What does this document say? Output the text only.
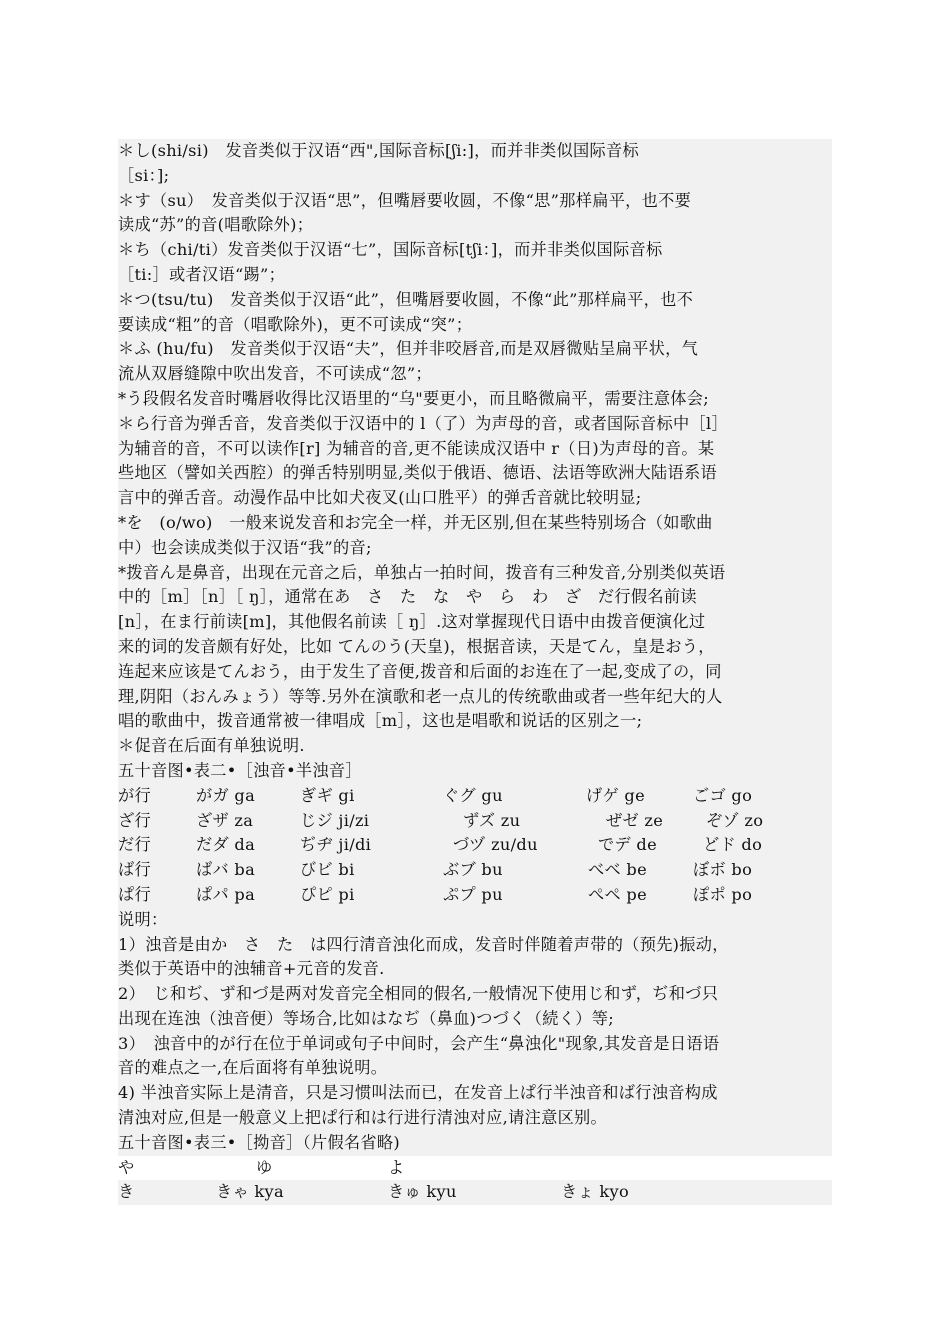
＊し(shi/si)　发音类似于汉语“西",国际音标[ʃi:]，而并非类似国际音标
［si：];
＊す（su）　发音类似于汉语“思”，但嘴唇要收圆，不像“思”那样扁平，也不要
读成“苏”的音(唱歌除外)；
＊ち（chi/ti）发音类似于汉语“七”，国际音标[tʃi：]，而并非类似国际音标
［ti:］或者汉语“踢”；
＊つ(tsu/tu)　发音类似于汉语“此”，但嘴唇要收圆，不像“此”那样扁平，也不
要读成“粗”的音（唱歌除外)，更不可读成“突”；
＊ふ (hu/fu)　发音类似于汉语“夫”，但并非咬唇音,而是双唇微贴呈扁平状，气
流从双唇缝隙中吹出发音，不可读成“忽”；
*う段假名发音时嘴唇收得比汉语里的“乌"要更小，而且略微扁平，需要注意体会;
＊ら行音为弹舌音，发音类似于汉语中的 l（了）为声母的音，或者国际音标中［l］
为辅音的音，不可以读作[r] 为辅音的音,更不能读成汉语中 r（日)为声母的音。某
些地区（譬如关西腔）的弹舌特别明显,类似于俄语、德语、法语等欧洲大陆语系语
言中的弹舌音。动漫作品中比如犬夜叉(山口胜平）的弹舌音就比较明显;
*を　(o/wo)　一般来说发音和お完全一样，并无区别,但在某些特别场合（如歌曲
中）也会读成类似于汉语“我”的音;
*拨音ん是鼻音，出现在元音之后，单独占一拍时间，拨音有三种发音,分别类似英语
中的［m］［n］［ ŋ］，通常在あ　さ　た　な　や　ら　わ　ざ　だ行假名前读
[n］，在ま行前读[m]，其他假名前读［ ŋ］.这对掌握现代日语中由拨音便演化过
来的词的发音颇有好处，比如 てんのう(天皇)，根据音读，天是てん，皇是おう，
连起来应该是てんおう，由于发生了音便,拨音和后面的お连在了一起,变成了の，同
理,阴阳（おんみょう）等等.另外在演歌和老一点儿的传统歌曲或者一些年纪大的人
唱的歌曲中，拨音通常被一律唱成［m］，这也是唱歌和说话的区别之一;
＊促音在后面有单独说明.
五十音图•表二•［浊音•半浊音］
が行	がガ ga	ぎギ gi	ぐグ gu	げゲ ge	ごゴ go
ざ行	ざザ za	じジ ji/zi	ずズ zu	ぜゼ ze	ぞゾ zo
だ行	だダ da	ぢヂ ji/di	づヅ zu/du	でデ de	どド do
ば行	ばバ ba	びビ bi	ぶブ bu	べベ be	ぼボ bo
ぱ行	ぱパ pa	ぴピ pi	ぷプ pu	ぺペ pe	ぽポ po
说明：
1）浊音是由か　さ　た　は四行清音浊化而成，发音时伴随着声带的（预先)振动，
类似于英语中的浊辅音+元音的发音.
2）　じ和ぢ、ず和づ是两对发音完全相同的假名,一般情况下使用じ和ず，ぢ和づ只
出现在连浊（浊音便）等场合,比如はなぢ（鼻血)つづく（続く）等;
3）　浊音中的が行在位于单词或句子中间时，会产生“鼻浊化"现象,其发音是日语语
音的难点之一,在后面将有单独说明。
4) 半浊音实际上是清音，只是习惯叫法而已，在发音上ぱ行半浊音和ば行浊音构成
清浊对应,但是一般意义上把ぱ行和は行进行清浊对应,请注意区别。
五十音图•表三•［拗音］（片假名省略)
や	ゆ	よ
き	きゃ kya	きゅ kyu	きょ kyo
